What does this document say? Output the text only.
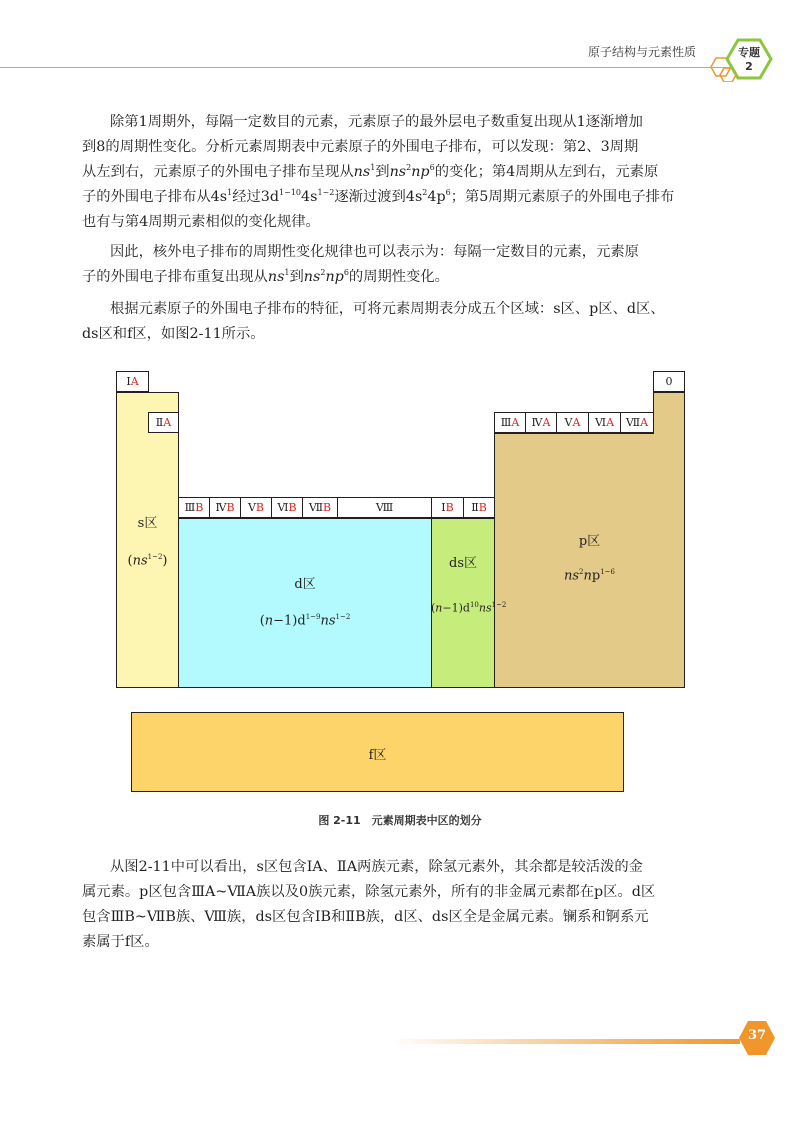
原子结构与元素性质	专题
2

除第1周期外，每隔一定数目的元素，元素原子的最外层电子数重复出现从1逐渐增加
到8的周期性变化。分析元素周期表中元素原子的外围电子排布，可以发现：第2、3周期
从左到右，元素原子的外围电子排布呈现从$ns^1$到$ns^2np^6$的变化；第4周期从左到右，元素原
子的外围电子排布从$4s^1$经过$3d^{1\sim 10}4s^{1\sim 2}$逐渐过渡到$4s^24p^6$；第5周期元素原子的外围电子排布
也有与第4周期元素相似的变化规律。

因此，核外电子排布的周期性变化规律也可以表示为：每隔一定数目的元素，元素原
子的外围电子排布重复出现从$ns^1$到$ns^2np^6$的周期性变化。

根据元素原子的外围电子排布的特征，可将元素周期表分成五个区域：s区、p区、d区、
ds区和f区，如图2-11所示。

ⅠA
ⅡA
ⅢB	ⅣB	ⅤB	ⅥB	ⅦB	Ⅷ	ⅠB	ⅡB
ⅢA	ⅣA	ⅤA	ⅥA	ⅦA
0
s区
$(ns^{1\sim 2})$
d区
$(n-1)d^{1\sim 9}ns^{1\sim 2}$
ds区
$(n-1)d^{10}ns^{1\sim 2}$
p区
$ns^2np^{1\sim 6}$
f区
图 2-11　元素周期表中区的划分

从图2-11中可以看出，s区包含ⅠA、ⅡA两族元素，除氢元素外，其余都是较活泼的金
属元素。p区包含ⅢA~ⅦA族以及0族元素，除氢元素外，所有的非金属元素都在p区。d区
包含ⅢB~ⅦB族、Ⅷ族，ds区包含ⅠB和ⅡB族，d区、ds区全是金属元素。镧系和锕系元
素属于f区。

37
